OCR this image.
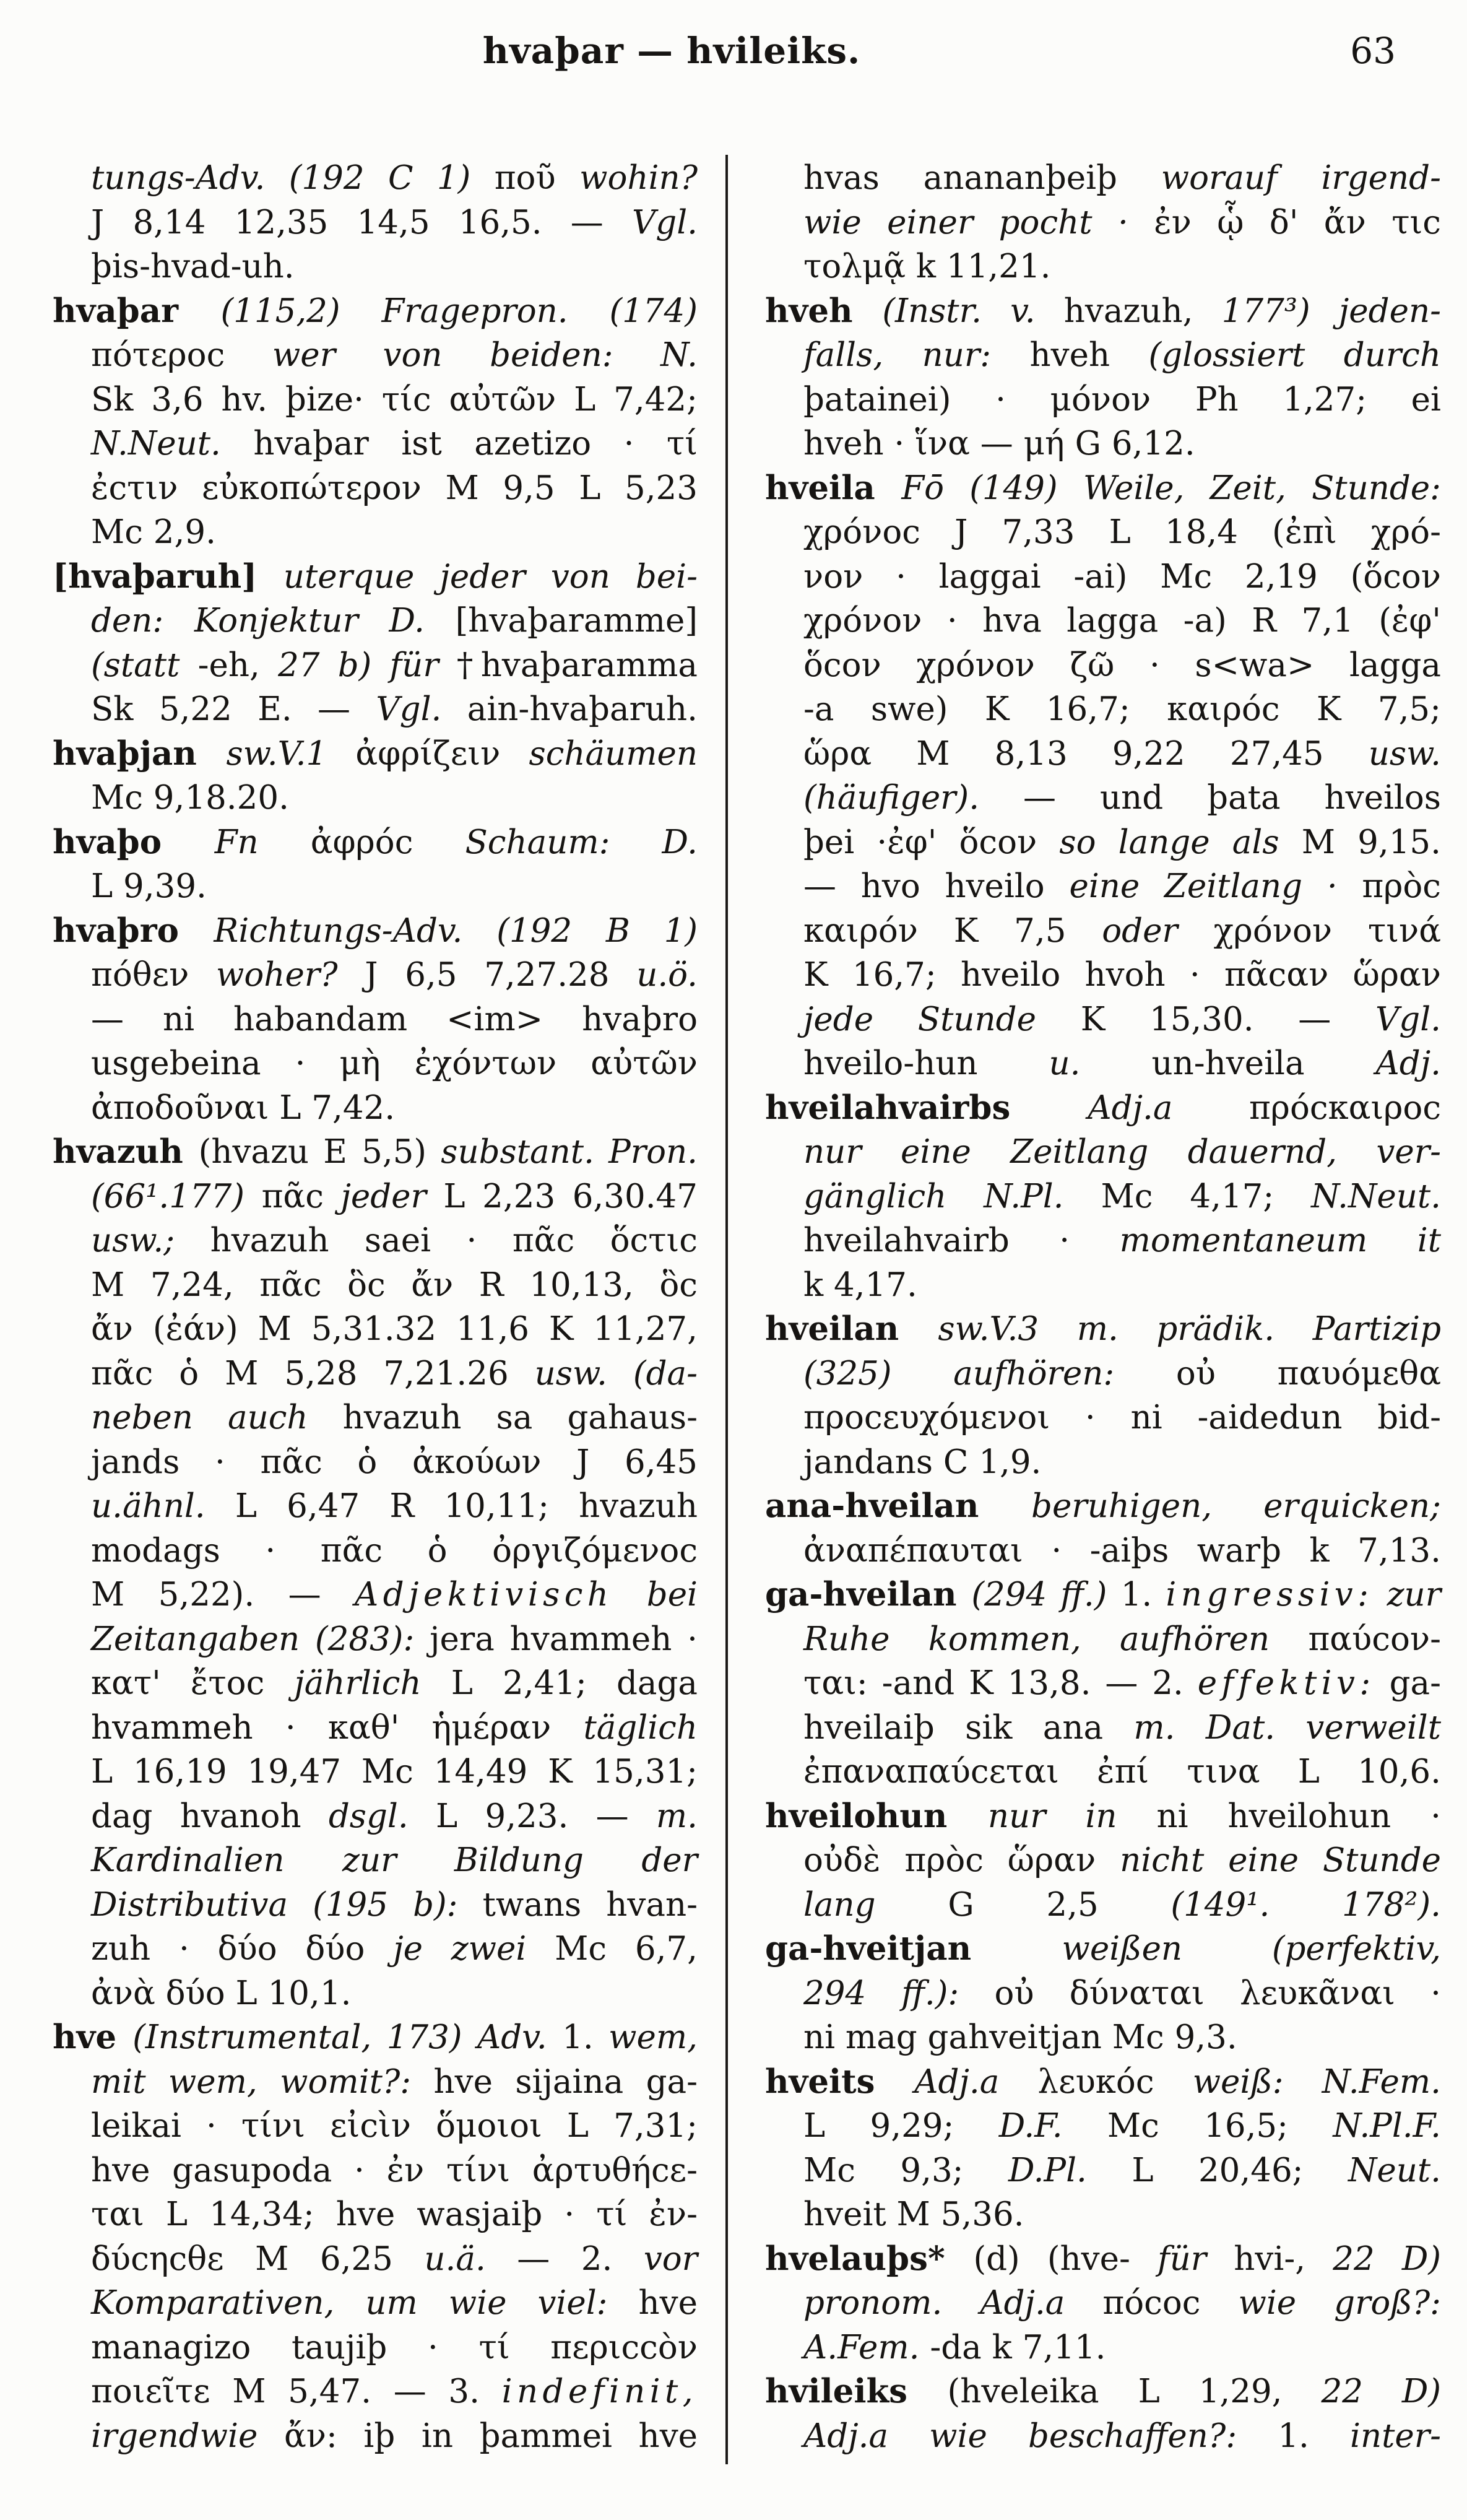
hvaþar — hvileiks.	63
tungs-Adv. (192 C 1) ποῦ wohin?
J 8,14 12,35 14,5 16,5. — Vgl.
þis-hvad-uh.
hvaþar (115,2) Fragepron. (174)
πότεροc wer von beiden: N.
Sk 3,6 hv. þize· τίc αὐτῶν L 7,42;
N.Neut. hvaþar ist azetizo · τί
ἐcτιν εὐκοπώτερον M 9,5 L 5,23
Mc 2,9.
[hvaþaruh] uterque jeder von bei-
den: Konjektur D. [hvaþaramme]
(statt -eh, 27 b) für †hvaþaramma
Sk 5,22 E. — Vgl. ain-hvaþaruh.
hvaþjan sw.V.1 ἀφρίζειν schäumen
Mc 9,18.20.
hvaþo Fn ἀφρόc Schaum: D.
L 9,39.
hvaþro Richtungs-Adv. (192 B 1)
πόθεν woher? J 6,5 7,27.28 u.ö.
— ni habandam <im> hvaþro
usgebeina · μὴ ἐχόντων αὐτῶν
ἀποδοῦναι L 7,42.
hvazuh (hvazu E 5,5) substant. Pron.
(66¹.177) πᾶc jeder L 2,23 6,30.47
usw.; hvazuh saei · πᾶc ὅcτιc
M 7,24, πᾶc ὃc ἄν R 10,13, ὃc
ἄν (ἐάν) M 5,31.32 11,6 K 11,27,
πᾶc ὁ M 5,28 7,21.26 usw. (da-
neben auch hvazuh sa gahaus-
jands · πᾶc ὁ ἀκούων J 6,45
u.ähnl. L 6,47 R 10,11; hvazuh
modags · πᾶc ὁ ὀργιζόμενοc
M 5,22). — Adjektivisch bei
Zeitangaben (283): jera hvammeh ·
κατ' ἔτοc jährlich L 2,41; daga
hvammeh · καθ' ἡμέραν täglich
L 16,19 19,47 Mc 14,49 K 15,31;
dag hvanoh dsgl. L 9,23. — m.
Kardinalien zur Bildung der
Distributiva (195 b): twans hvan-
zuh · δύο δύο je zwei Mc 6,7,
ἀνὰ δύο L 10,1.
hve (Instrumental, 173) Adv. 1. wem,
mit wem, womit?: hve sijaina ga-
leikai · τίνι εἰcὶν ὅμοιοι L 7,31;
hve gasupoda · ἐν τίνι ἀρτυθήcε-
ται L 14,34; hve wasjaiþ · τί ἐν-
δύcηcθε M 6,25 u.ä. — 2. vor
Komparativen, um wie viel: hve
managizo taujiþ · τί περιccὸν
ποιεῖτε M 5,47. — 3. indefinit,
irgendwie ἄν: iþ in þammei hve
hvas anananþeiþ worauf irgend-
wie einer pocht · ἐν ᾧ δ' ἄν τιc
τολμᾷ k 11,21.
hveh (Instr. v. hvazuh, 177³) jeden-
falls, nur: hveh (glossiert durch
þatainei) · μόνον Ph 1,27; ei
hveh · ἵνα — μή G 6,12.
hveila Fō (149) Weile, Zeit, Stunde:
χρόνοc J 7,33 L 18,4 (ἐπὶ χρό-
νον · laggai -ai) Mc 2,19 (ὅcον
χρόνον · hva lagga -a) R 7,1 (ἐφ'
ὅcον χρόνον ζῶ · s<wa> lagga
-a swe) K 16,7; καιρόc K 7,5;
ὥρα M 8,13 9,22 27,45 usw.
(häufiger). — und þata hveilos
þei ·ἐφ' ὅcον so lange als M 9,15.
— hvo hveilo eine Zeitlang · πρὸc
καιρόν K 7,5 oder χρόνον τινά
K 16,7; hveilo hvoh · πᾶcαν ὥραν
jede Stunde K 15,30. — Vgl.
hveilo-hun u. un-hveila Adj.
hveilahvairbs Adj.a πρόcκαιροc
nur eine Zeitlang dauernd, ver-
gänglich N.Pl. Mc 4,17; N.Neut.
hveilahvairb · momentaneum it
k 4,17.
hveilan sw.V.3 m. prädik. Partizip
(325) aufhören: οὐ παυόμεθα
προcευχόμενοι · ni -aidedun bid-
jandans C 1,9.
ana-hveilan beruhigen, erquicken;
ἀναπέπαυται · -aiþs warþ k 7,13.
ga-hveilan (294 ff.) 1. ingressiv: zur
Ruhe kommen, aufhören παύcον-
ται: -and K 13,8. — 2. effektiv: ga-
hveilaiþ sik ana m. Dat. verweilt
ἐπαναπαύcεται ἐπί τινα L 10,6.
hveilohun nur in ni hveilohun ·
οὐδὲ πρὸc ὥραν nicht eine Stunde
lang G 2,5 (149¹. 178²).
ga-hveitjan weißen (perfektiv,
294 ff.): οὐ δύναται λευκᾶναι ·
ni mag gahveitjan Mc 9,3.
hveits Adj.a λευκόc weiß: N.Fem.
L 9,29; D.F. Mc 16,5; N.Pl.F.
Mc 9,3; D.Pl. L 20,46; Neut.
hveit M 5,36.
hvelauþs* (d) (hve- für hvi-, 22 D)
pronom. Adj.a πόcοc wie groß?:
A.Fem. -da k 7,11.
hvileiks (hveleika L 1,29, 22 D)
Adj.a wie beschaffen?: 1. inter-
